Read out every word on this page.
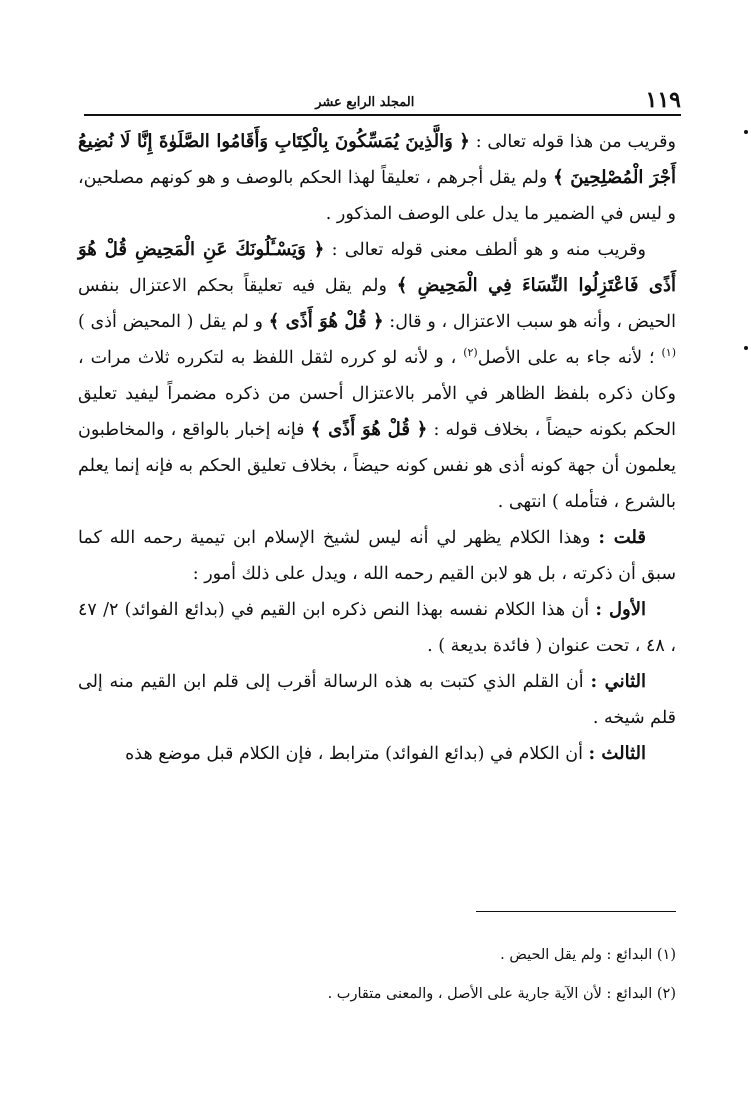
١١٩
المجلد الرابع عشر

وقريب من هذا قوله تعالى : ﴿ وَالَّذِينَ يُمَسِّكُونَ بِالْكِتَابِ وَأَقَامُوا الصَّلَوٰةَ إِنَّا لَا نُضِيعُ أَجْرَ الْمُصْلِحِينَ ﴾ ولم يقل أجرهم ، تعليقاً لهذا الحكم بالوصف و هو كونهم مصلحين، و ليس في الضمير ما يدل على الوصف المذكور .

وقريب منه و هو ألطف معنى قوله تعالى : ﴿ وَيَسْـَٔلُونَكَ عَنِ الْمَحِيضِ قُلْ هُوَ أَذًى فَاعْتَزِلُوا النِّسَاءَ فِي الْمَحِيضِ ﴾ ولم يقل فيه تعليقاً بحكم الاعتزال بنفس الحيض ، وأنه هو سبب الاعتزال ، و قال: ﴿ قُلْ هُوَ أَذًى ﴾ و لم يقل ( المحيض أذى )$^{(١)}$ ؛ لأنه جاء به على الأصل$^{(٢)}$ ، و لأنه لو كرره لثقل اللفظ به لتكرره ثلاث مرات ، وكان ذكره بلفظ الظاهر في الأمر بالاعتزال أحسن من ذكره مضمراً ليفيد تعليق الحكم بكونه حيضاً ، بخلاف قوله : ﴿ قُلْ هُوَ أَذًى ﴾ فإنه إخبار بالواقع ، والمخاطبون يعلمون أن جهة كونه أذى هو نفس كونه حيضاً ، بخلاف تعليق الحكم به فإنه إنما يعلم بالشرع ، فتأمله ) انتهى .

قلت : وهذا الكلام يظهر لي أنه ليس لشيخ الإسلام ابن تيمية رحمه الله كما سبق أن ذكرته ، بل هو لابن القيم رحمه الله ، ويدل على ذلك أمور :

الأول : أن هذا الكلام نفسه بهذا النص ذكره ابن القيم في (بدائع الفوائد) ٢/ ٤٧ ، ٤٨ ، تحت عنوان ( فائدة بديعة ) .

الثاني : أن القلم الذي كتبت به هذه الرسالة أقرب إلى قلم ابن القيم منه إلى قلم شيخه .

الثالث : أن الكلام في (بدائع الفوائد) مترابط ، فإن الكلام قبل موضع هذه

(١) البدائع : ولم يقل الحيض .

(٢) البدائع : لأن الآية جارية على الأصل ، والمعنى متقارب .
